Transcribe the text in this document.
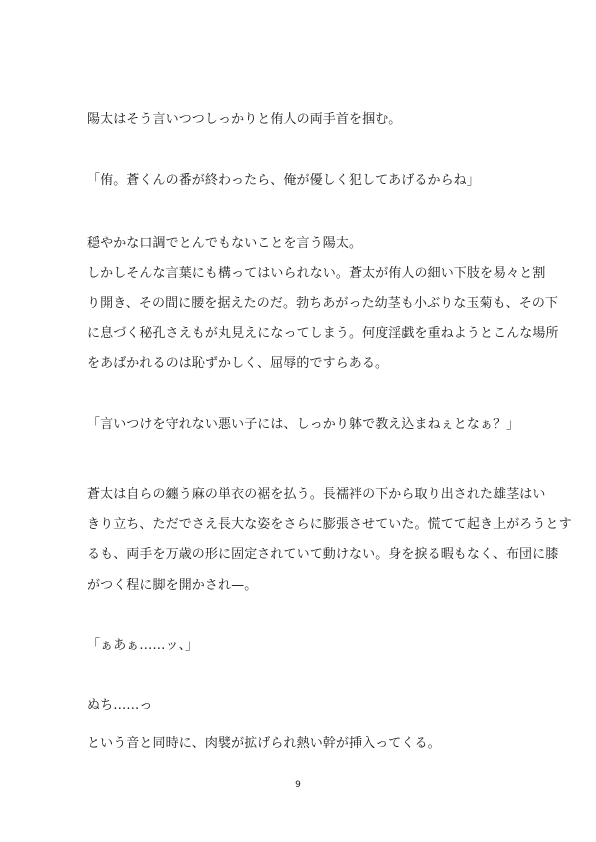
陽太はそう言いつつしっかりと侑人の両手首を掴む。
「侑。蒼くんの番が終わったら、俺が優しく犯してあげるからね」
穏やかな口調でとんでもないことを言う陽太。
しかしそんな言葉にも構ってはいられない。蒼太が侑人の細い下肢を易々と割
り開き、その間に腰を据えたのだ。勃ちあがった幼茎も小ぶりな玉菊も、その下
に息づく秘孔さえもが丸見えになってしまう。何度淫戯を重ねようとこんな場所
をあばかれるのは恥ずかしく、屈辱的ですらある。
「言いつけを守れない悪い子には、しっかり躰で教え込まねぇとなぁ？」
蒼太は自らの纏う麻の単衣の裾を払う。長襦袢の下から取り出された雄茎はい
きり立ち、ただでさえ長大な姿をさらに膨張させていた。慌てて起き上がろうとす
るも、両手を万歳の形に固定されていて動けない。身を捩る暇もなく、布団に膝
がつく程に脚を開かされ—。
「ぁあぁ……ッ、」
ぬち……っ
という音と同時に、肉襞が拡げられ熱い幹が挿入ってくる。
9
